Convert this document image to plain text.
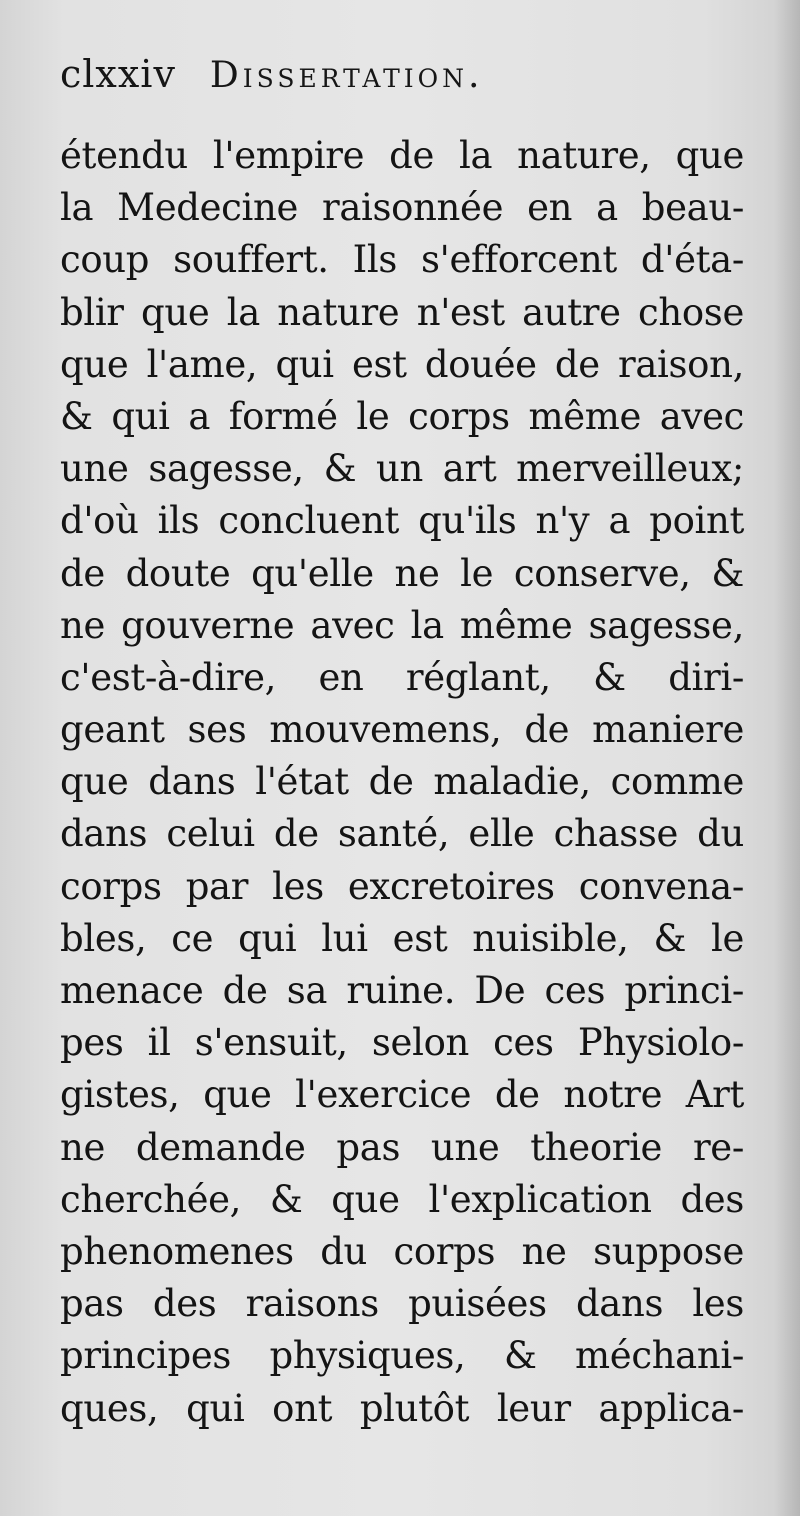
clxxiv Dissertation.
étendu l'empire de la nature, que
la Medecine raisonnée en a beau-
coup souffert. Ils s'efforcent d'éta-
blir que la nature n'est autre chose
que l'ame, qui est douée de raison,
& qui a formé le corps même avec
une sagesse, & un art merveilleux;
d'où ils concluent qu'ils n'y a point
de doute qu'elle ne le conserve, &
ne gouverne avec la même sagesse,
c'est-à-dire, en réglant, & diri-
geant ses mouvemens, de maniere
que dans l'état de maladie, comme
dans celui de santé, elle chasse du
corps par les excretoires convena-
bles, ce qui lui est nuisible, & le
menace de sa ruine. De ces princi-
pes il s'ensuit, selon ces Physiolo-
gistes, que l'exercice de notre Art
ne demande pas une theorie re-
cherchée, & que l'explication des
phenomenes du corps ne suppose
pas des raisons puisées dans les
principes physiques, & méchani-
ques, qui ont plutôt leur applica-
